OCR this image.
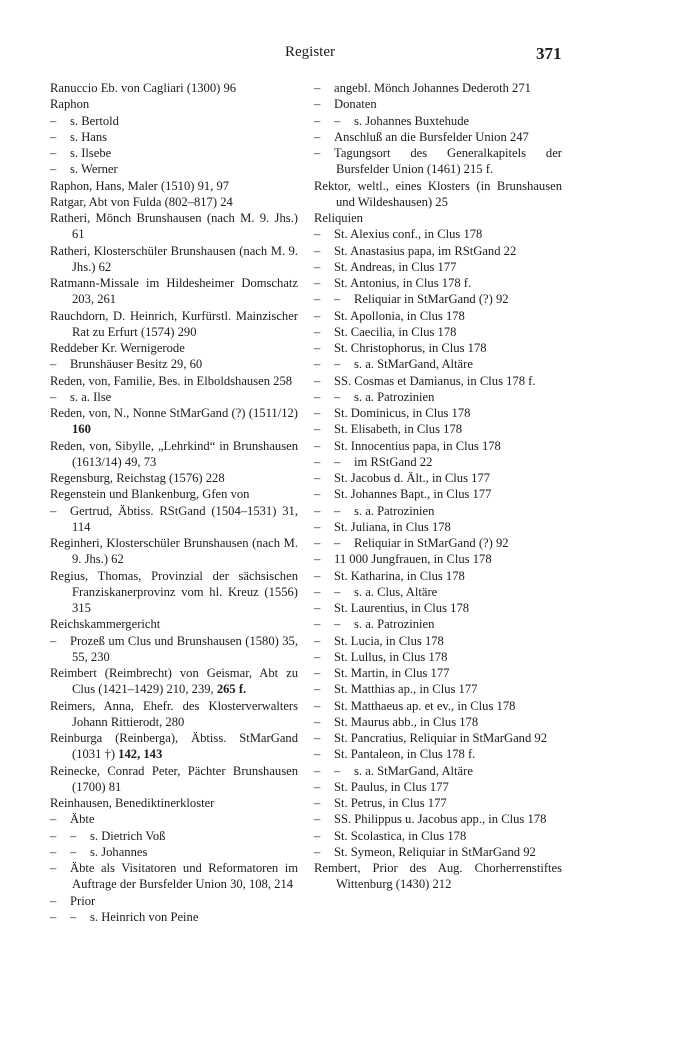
Register	371

Ranuccio Eb. von Cagliari (1300) 96

Raphon

– s. Bertold

– s. Hans

– s. Ilsebe

– s. Werner

Raphon, Hans, Maler (1510) 91, 97

Ratgar, Abt von Fulda (802–817) 24

Ratheri, Mönch Brunshausen (nach M. 9. Jhs.) 61

Ratheri, Klosterschüler Brunshausen (nach M. 9. Jhs.) 62

Ratmann-Missale im Hildesheimer Domschatz 203, 261

Rauchdorn, D. Heinrich, Kurfürstl. Mainzischer Rat zu Erfurt (1574) 290

Reddeber Kr. Wernigerode

– Brunshäuser Besitz 29, 60

Reden, von, Familie, Bes. in Elboldshausen 258

– s. a. Ilse

Reden, von, N., Nonne StMarGand (?) (1511/12) 160

Reden, von, Sibylle, „Lehrkind“ in Brunshausen (1613/14) 49, 73

Regensburg, Reichstag (1576) 228

Regenstein und Blankenburg, Gfen von

– Gertrud, Äbtiss. RStGand (1504–1531) 31, 114

Reginheri, Klosterschüler Brunshausen (nach M. 9. Jhs.) 62

Regius, Thomas, Provinzial der sächsischen Franziskanerprovinz vom hl. Kreuz (1556) 315

Reichskammergericht

– Prozeß um Clus und Brunshausen (1580) 35, 55, 230

Reimbert (Reimbrecht) von Geismar, Abt zu Clus (1421–1429) 210, 239, 265 f.

Reimers, Anna, Ehefr. des Klosterverwalters Johann Rittierodt, 280

Reinburga (Reinberga), Äbtiss. StMarGand (1031 †) 142, 143

Reinecke, Conrad Peter, Pächter Brunshausen (1700) 81

Reinhausen, Benediktinerkloster

– Äbte

– – s. Dietrich Voß

– – s. Johannes

– Äbte als Visitatoren und Reformatoren im Auftrage der Bursfelder Union 30, 108, 214

– Prior

– – s. Heinrich von Peine

– angebl. Mönch Johannes Dederoth 271

– Donaten

– – s. Johannes Buxtehude

– Anschluß an die Bursfelder Union 247

– Tagungsort des Generalkapitels der Bursfelder Union (1461) 215 f.

Rektor, weltl., eines Klosters (in Brunshausen und Wildeshausen) 25

Reliquien

– St. Alexius conf., in Clus 178

– St. Anastasius papa, im RStGand 22

– St. Andreas, in Clus 177

– St. Antonius, in Clus 178 f.

– – Reliquiar in StMarGand (?) 92

– St. Apollonia, in Clus 178

– St. Caecilia, in Clus 178

– St. Christophorus, in Clus 178

– – s. a. StMarGand, Altäre

– SS. Cosmas et Damianus, in Clus 178 f.

– – s. a. Patrozinien

– St. Dominicus, in Clus 178

– St. Elisabeth, in Clus 178

– St. Innocentius papa, in Clus 178

– – im RStGand 22

– St. Jacobus d. Ält., in Clus 177

– St. Johannes Bapt., in Clus 177

– – s. a. Patrozinien

– St. Juliana, in Clus 178

– – Reliquiar in StMarGand (?) 92

– 11 000 Jungfrauen, in Clus 178

– St. Katharina, in Clus 178

– – s. a. Clus, Altäre

– St. Laurentius, in Clus 178

– – s. a. Patrozinien

– St. Lucia, in Clus 178

– St. Lullus, in Clus 178

– St. Martin, in Clus 177

– St. Matthias ap., in Clus 177

– St. Matthaeus ap. et ev., in Clus 178

– St. Maurus abb., in Clus 178

– St. Pancratius, Reliquiar in StMarGand 92

– St. Pantaleon, in Clus 178 f.

– – s. a. StMarGand, Altäre

– St. Paulus, in Clus 177

– St. Petrus, in Clus 177

– SS. Philippus u. Jacobus app., in Clus 178

– St. Scolastica, in Clus 178

– St. Symeon, Reliquiar in StMarGand 92

Rembert, Prior des Aug. Chorherrenstiftes Wittenburg (1430) 212
